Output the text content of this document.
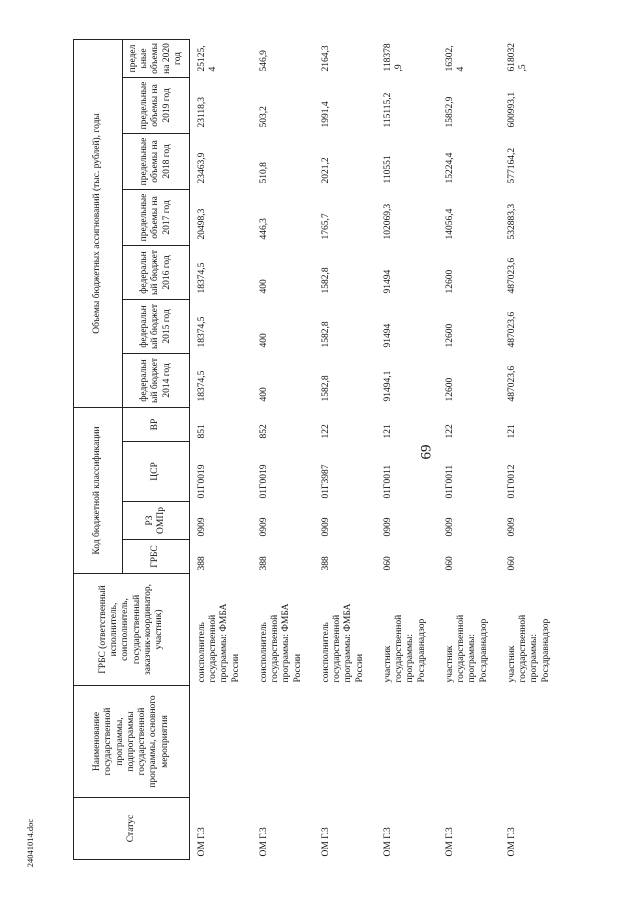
69
24041014.doc	Статус	Наименование государственной программы, подпрограммы государственной программы, основного мероприятия	ГРБС (ответственный исполнитель, соисполнитель, государственный заказчик-координатор, участник)	Код бюджетной классификации				Объемы бюджетных ассигнований (тыс. рублей), годы						
			ГРБС	РЗ ОМПр	ЦСР	ВР	федеральный бюджет 2014 год	федеральный бюджет 2015 год	федеральный бюджет 2016 год	предельные объемы на 2017 год	предельные объемы на 2018 год	предельные объемы на 2019 год	предельные объемы на 2020 год
ОМ Г.3		соисполнитель государственной программы: ФМБА России	388	0909	01Г0019	851	18374,5	18374,5	18374,5	20498,3	23463,9	23118,3	25125,4
ОМ Г.3		соисполнитель государственной программы: ФМБА России	388	0909	01Г0019	852	400	400	400	446,3	510,8	503,2	546,9
ОМ Г.3		соисполнитель государственной программы: ФМБА России	388	0909	01Г3987	122	1582,8	1582,8	1582,8	1765,7	2021,2	1991,4	2164,3
ОМ Г.3		участник государственной программы: Росздравнадзор	060	0909	01Г0011	121	91494,1	91494	91494	102069,3	110551	115115,2	118378,9
ОМ Г.3		участник государственной программы: Росздравнадзор	060	0909	01Г0011	122	12600	12600	12600	14056,4	15224,4	15852,9	16302,4
ОМ Г.3		участник государственной программы: Росздравнадзор	060	0909	01Г0012	121	487023,6	487023,6	487023,6	532883,3	577164,2	600993,1	618032,5
